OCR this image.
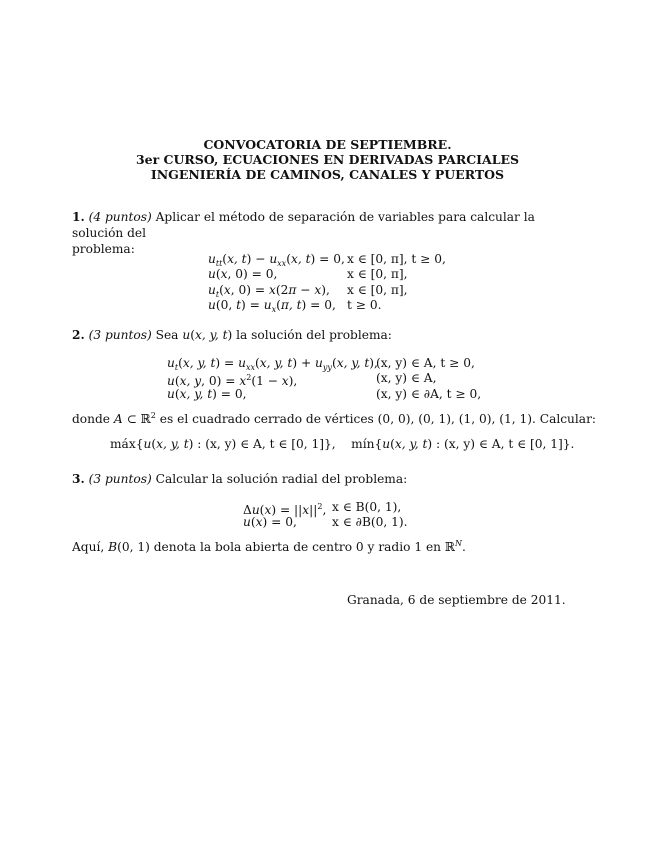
CONVOCATORIA DE SEPTIEMBRE.
3er CURSO, ECUACIONES EN DERIVADAS PARCIALES
INGENIERÍA DE CAMINOS, CANALES Y PUERTOS
1. (4 puntos) Aplicar el método de separación de variables para calcular la solución del
problema:
$u_{tt}(x$, $t) - u_{xx}(x$, t) = 0,
u(x, 0) = 0,
$u_t(x$, 0) = x(2π − x),
u(0, $t) = u_x(\pi$, t) = 0,
x ∈ [0, π], t ≥ 0,
x ∈ [0, π],
x ∈ [0, π],
t ≥ 0.
2. (3 puntos) Sea u(x, y, t) la solución del problema:
$u_t(x$, y, $t) = u_{xx}(x$, y, $t) + u_{yy}(x$, y, t),
u(x, y, $0) = x^2(1 - x)$,
u(x, y, t) = 0,
(x, y) ∈ A, t ≥ 0,
(x, y) ∈ A,
(x, y) ∈ ∂A, t ≥ 0,
donde A ⊂ ℝ$^2$ es el cuadrado cerrado de vértices (0, 0), (0, 1), (1, 0), (1, 1). Calcular:
máx{u(x, y, t) : (x, y) ∈ A, t ∈ [0, 1]},    mín{u(x, y, t) : (x, y) ∈ A, t ∈ [0, 1]}.
3. (3 puntos) Calcular la solución radial del problema:
$\Delta u(x) = ||x||^2$,
u(x) = 0,
x ∈ B(0, 1),
x ∈ ∂B(0, 1).
Aquí, B(0, 1) denota la bola abierta de centro 0 y radio 1 en ℝ$^N$.
Granada, 6 de septiembre de 2011.
